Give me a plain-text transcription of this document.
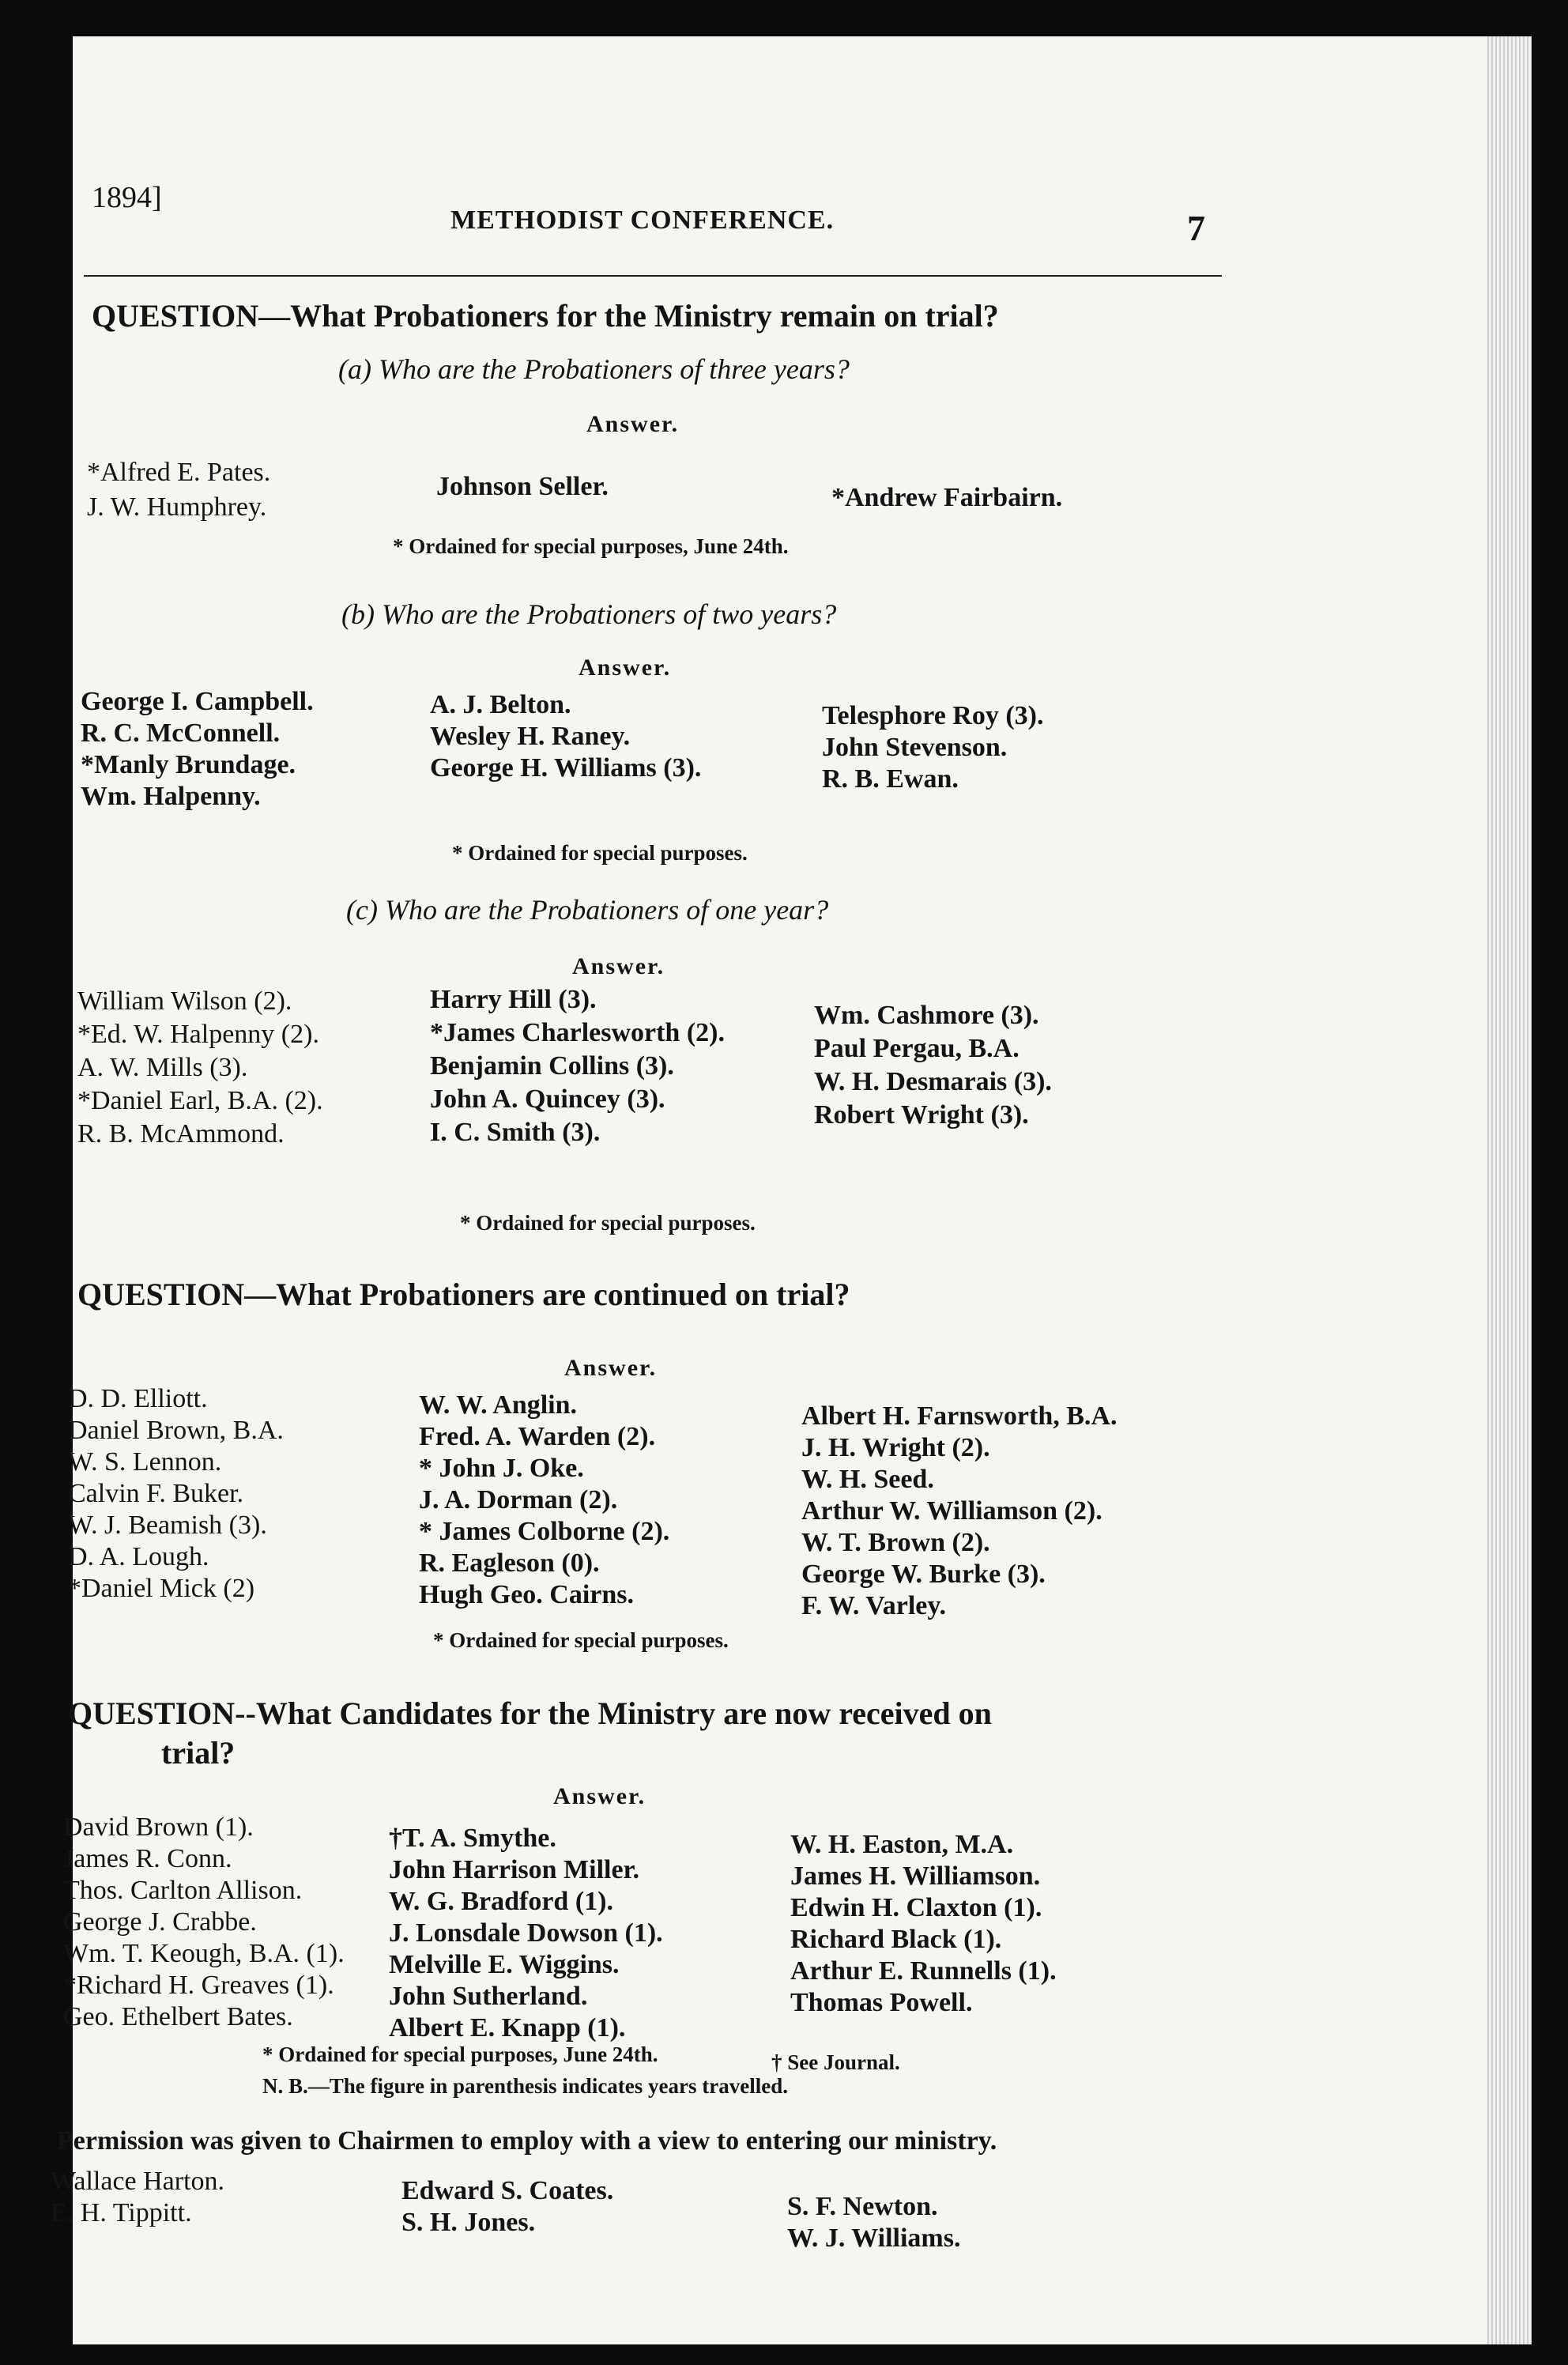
1894]
METHODIST CONFERENCE.	7
QUESTION—What Probationers for the Ministry remain on trial?
(a) Who are the Probationers of three years?
Answer.
*Alfred E. Pates.
J. W. Humphrey.
Johnson Seller.	*Andrew Fairbairn.
* Ordained for special purposes, June 24th.
(b) Who are the Probationers of two years?
Answer.
George I. Campbell.
R. C. McConnell.
*Manly Brundage.
Wm. Halpenny.
A. J. Belton.
Wesley H. Raney.
George H. Williams (3).
Telesphore Roy (3).
John Stevenson.
R. B. Ewan.
* Ordained for special purposes.
(c) Who are the Probationers of one year?
Answer.
William Wilson (2).
*Ed. W. Halpenny (2).
A. W. Mills (3).
*Daniel Earl, B.A. (2).
R. B. McAmmond.
Harry Hill (3).
*James Charlesworth (2).
Benjamin Collins (3).
John A. Quincey (3).
I. C. Smith (3).
Wm. Cashmore (3).
Paul Pergau, B.A.
W. H. Desmarais (3).
Robert Wright (3).
* Ordained for special purposes.
QUESTION—What Probationers are continued on trial?
Answer.
D. D. Elliott.
Daniel Brown, B.A.
W. S. Lennon.
Calvin F. Buker.
W. J. Beamish (3).
D. A. Lough.
*Daniel Mick (2)
W. W. Anglin.
Fred. A. Warden (2).
* John J. Oke.
J. A. Dorman (2).
* James Colborne (2).
R. Eagleson (0).
Hugh Geo. Cairns.
Albert H. Farnsworth, B.A.
J. H. Wright (2).
W. H. Seed.
Arthur W. Williamson (2).
W. T. Brown (2).
George W. Burke (3).
F. W. Varley.
* Ordained for special purposes.
QUESTION--What Candidates for the Ministry are now received on
trial?
Answer.
David Brown (1).
James R. Conn.
Thos. Carlton Allison.
George J. Crabbe.
Wm. T. Keough, B.A. (1).
*Richard H. Greaves (1).
Geo. Ethelbert Bates.
†T. A. Smythe.
John Harrison Miller.
W. G. Bradford (1).
J. Lonsdale Dowson (1).
Melville E. Wiggins.
John Sutherland.
Albert E. Knapp (1).
W. H. Easton, M.A.
James H. Williamson.
Edwin H. Claxton (1).
Richard Black (1).
Arthur E. Runnells (1).
Thomas Powell.
* Ordained for special purposes, June 24th.	† See Journal.
N. B.—The figure in parenthesis indicates years travelled.
Permission was given to Chairmen to employ with a view to entering our ministry.
Wallace Harton.
E. H. Tippitt.
Edward S. Coates.
S. H. Jones.
S. F. Newton.
W. J. Williams.
